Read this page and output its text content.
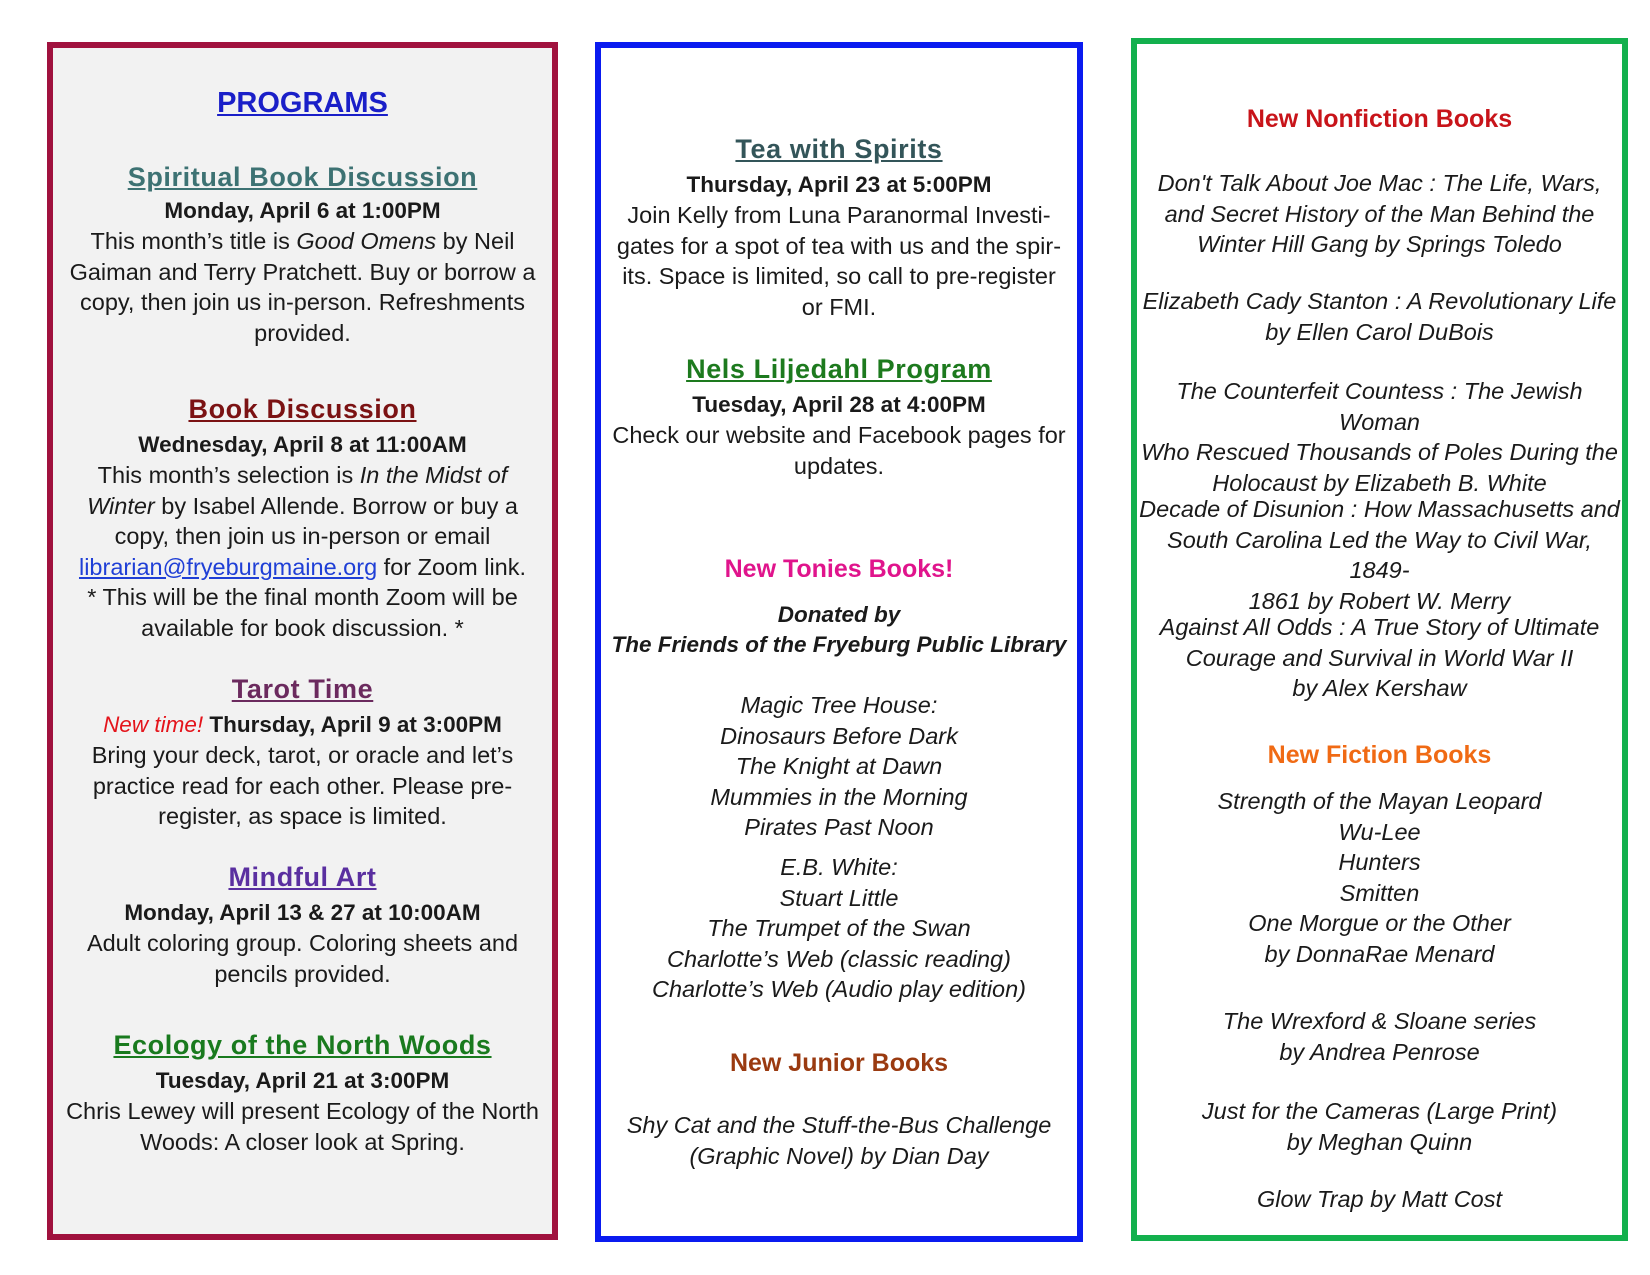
PROGRAMS
Spiritual Book Discussion
Monday, April 6 at 1:00PM
This month’s title is Good Omens by Neil Gaiman and Terry Pratchett. Buy or borrow a copy, then join us in-person. Refreshments provided.
Book Discussion
Wednesday, April 8 at 11:00AM
This month’s selection is In the Midst of Winter by Isabel Allende. Borrow or buy a copy, then join us in-person or email librarian@fryeburgmaine.org for Zoom link.
* This will be the final month Zoom will be available for book discussion. *
Tarot Time
New time! Thursday, April 9 at 3:00PM
Bring your deck, tarot, or oracle and let’s practice read for each other. Please pre-register, as space is limited.
Mindful Art
Monday, April 13 & 27 at 10:00AM
Adult coloring group. Coloring sheets and pencils provided.
Ecology of the North Woods
Tuesday, April 21 at 3:00PM
Chris Lewey will present Ecology of the North Woods: A closer look at Spring.
Tea with Spirits
Thursday, April 23 at 5:00PM
Join Kelly from Luna Paranormal Investi-gates for a spot of tea with us and the spir-its. Space is limited, so call to pre-register or FMI.
Nels Liljedahl Program
Tuesday, April 28 at 4:00PM
Check our website and Facebook pages for updates.
New Tonies Books!
Donated by
The Friends of the Fryeburg Public Library
Magic Tree House:
Dinosaurs Before Dark
The Knight at Dawn
Mummies in the Morning
Pirates Past Noon
E.B. White:
Stuart Little
The Trumpet of the Swan
Charlotte’s Web (classic reading)
Charlotte’s Web (Audio play edition)
New Junior Books
Shy Cat and the Stuff-the-Bus Challenge
(Graphic Novel) by Dian Day
New Nonfiction Books
Don't Talk About Joe Mac : The Life, Wars,
and Secret History of the Man Behind the
Winter Hill Gang by Springs Toledo
Elizabeth Cady Stanton : A Revolutionary Life
by Ellen Carol DuBois
The Counterfeit Countess : The Jewish Woman
Who Rescued Thousands of Poles During the
Holocaust by Elizabeth B. White
Decade of Disunion : How Massachusetts and
South Carolina Led the Way to Civil War, 1849-
1861 by Robert W. Merry
Against All Odds : A True Story of Ultimate
Courage and Survival in World War II
by Alex Kershaw
New Fiction Books
Strength of the Mayan Leopard
Wu-Lee
Hunters
Smitten
One Morgue or the Other
by DonnaRae Menard
The Wrexford & Sloane series
by Andrea Penrose
Just for the Cameras (Large Print)
by Meghan Quinn
Glow Trap by Matt Cost
